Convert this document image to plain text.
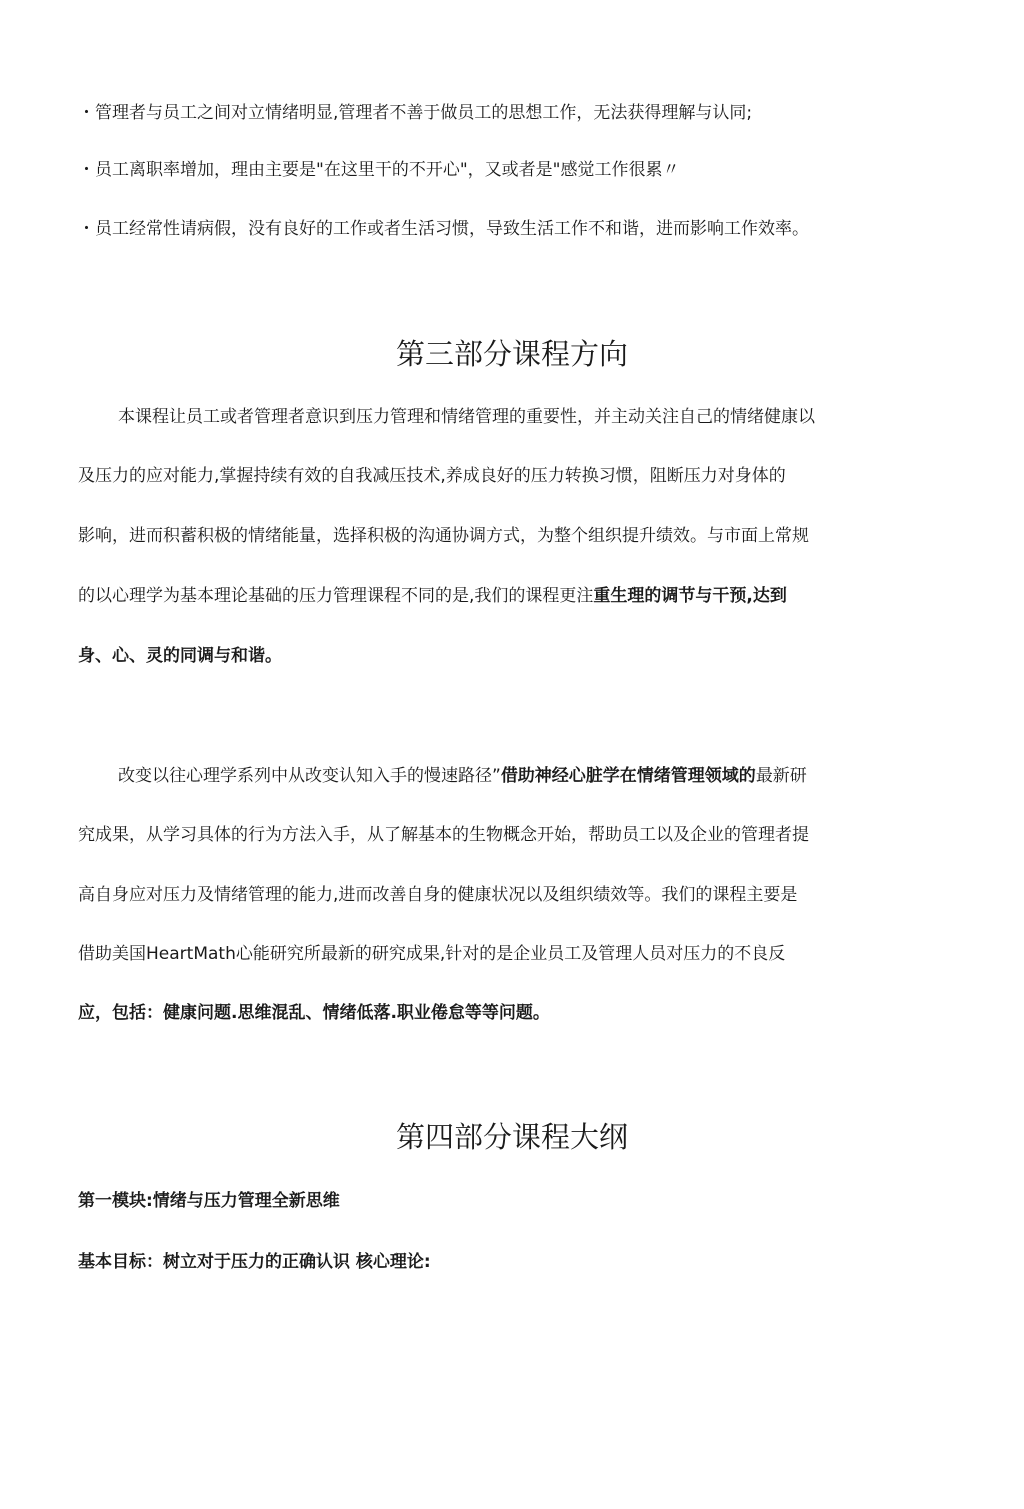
・管理者与员工之间对立情绪明显,管理者不善于做员工的思想工作，无法获得理解与认同;
・员工离职率增加，理由主要是"在这里干的不开心"，又或者是"感觉工作很累〃
・员工经常性请病假，没有良好的工作或者生活习惯，导致生活工作不和谐，进而影响工作效率。
第三部分课程方向
本课程让员工或者管理者意识到压力管理和情绪管理的重要性，并主动关注自己的情绪健康以
及压力的应对能力,掌握持续有效的自我减压技术,养成良好的压力转换习惯，阻断压力对身体的
影响，进而积蓄积极的情绪能量，选择积极的沟通协调方式，为整个组织提升绩效。与市面上常规
的以心理学为基本理论基础的压力管理课程不同的是,我们的课程更注重生理的调节与干预,达到
身、心、灵的同调与和谐。
改变以往心理学系列中从改变认知入手的慢速路径”借助神经心脏学在情绪管理领域的最新研
究成果，从学习具体的行为方法入手，从了解基本的生物概念开始，帮助员工以及企业的管理者提
高自身应对压力及情绪管理的能力,进而改善自身的健康状况以及组织绩效等。我们的课程主要是
借助美国HeartMath心能研究所最新的研究成果,针对的是企业员工及管理人员对压力的不良反
应，包括：健康问题.思维混乱、情绪低落.职业倦怠等等问题。
第四部分课程大纲
第一模块:情绪与压力管理全新思维
基本目标：树立对于压力的正确认识 核心理论:
